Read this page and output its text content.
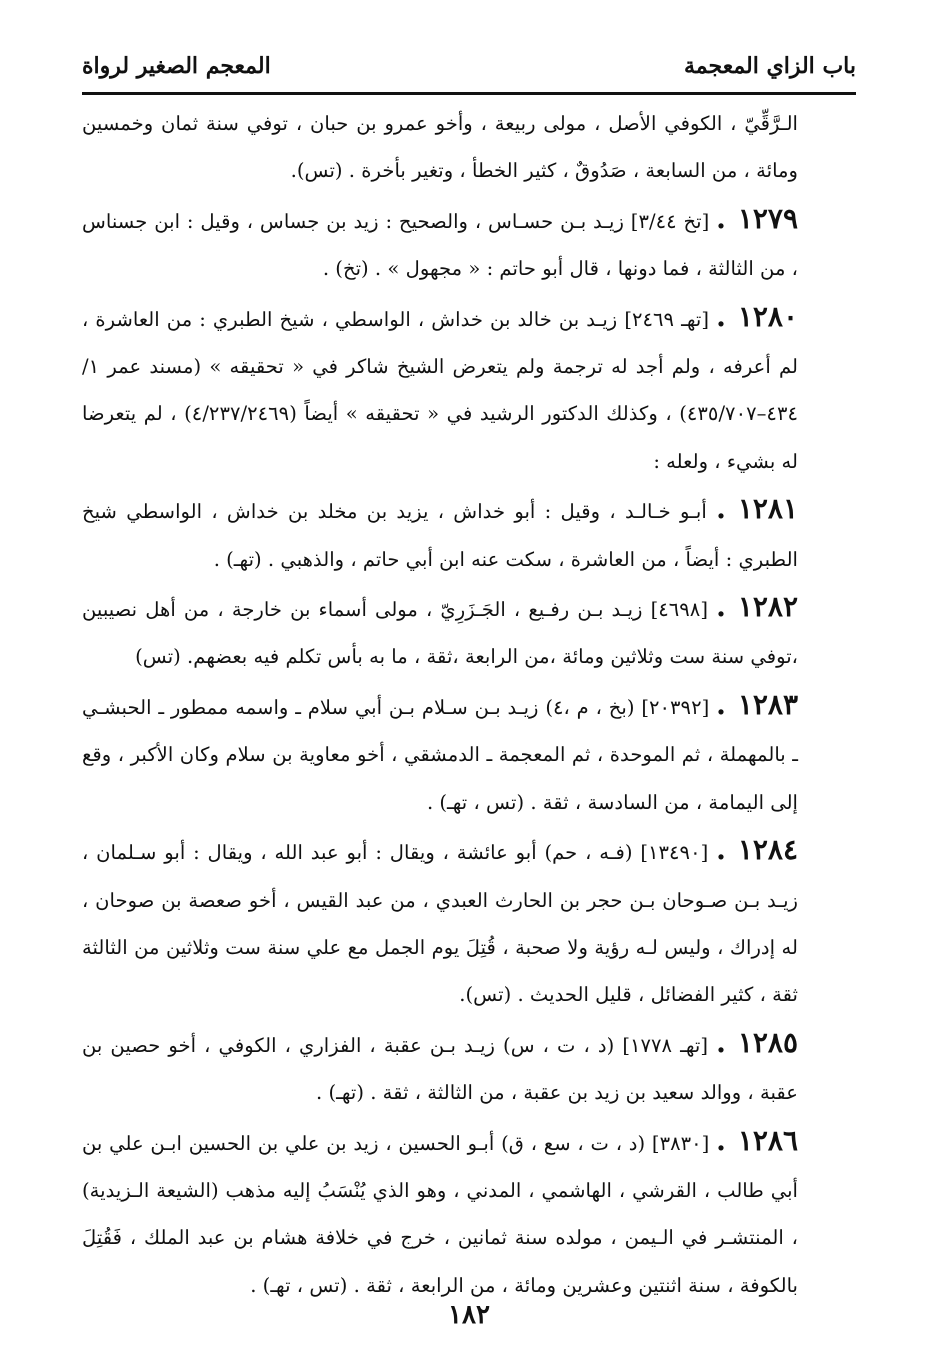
باب الزاي المعجمة
المعجم الصغير لرواة

الـرَّقِّيّ ، الكوفي الأصل ، مولى ربيعة ، وأخو عمرو بن حبان ، توفي سنة ثمان وخمسين ومائة ، من السابعة ، صَدُوقٌ ، كثير الخطأ ، وتغير بأخرة . (تس).

١٢٧٩. [تخ ٣/٤٤] زيـد بـن حسـاس ، والصحيح : زيد بن جساس ، وقيل : ابن جسناس ، من الثالثة ، فما دونها ، قال أبو حاتم : « مجهول » . (تخ) .

١٢٨٠. [تهـ ٢٤٦٩] زيـد بن خالد بن خداش ، الواسطي ، شيخ الطبري : من العاشرة ، لم أعرفه ، ولم أجد له ترجمة ولم يتعرض الشيخ شاكر في « تحقيقه » (مسند عمر ١/ ٤٣٤–٤٣٥/٧٠٧) ، وكذلك الدكتور الرشيد في « تحقيقه » أيضاً (٤/٢٣٧/٢٤٦٩) ، لم يتعرضا له بشيء ، ولعله :

١٢٨١. أبـو خـالـد ، وقيل : أبو خداش ، يزيد بن مخلد بن خداش ، الواسطي شيخ الطبري : أيضاً ، من العاشرة ، سكت عنه ابن أبي حاتم ، والذهبي . (تهـ) .

١٢٨٢. [٤٦٩٨] زيـد بـن رفـيع ، الجَـزَرِيّ ، مولى أسماء بن خارجة ، من أهل نصيبين ،توفي سنة ست وثلاثين ومائة ،من الرابعة ،ثقة ، ما به بأس تكلم فيه بعضهم. (تس)

١٢٨٣. [٢٠٣٩٢] (بخ ، م ،٤) زيـد بـن سـلام بـن أبي سلام ـ واسمه ممطور ـ الحبشـي ـ بالمهملة ، ثم الموحدة ، ثم المعجمة ـ الدمشقي ، أخو معاوية بن سلام وكان الأكبر ، وقع إلى اليمامة ، من السادسة ، ثقة . (تس ، تهـ) .

١٢٨٤. [١٣٤٩٠] (فـه ، حم) أبو عائشة ، ويقال : أبو عبد الله ، ويقال : أبو سـلمان ، زيـد بـن صـوحان بـن حجر بن الحارث العبدي ، من عبد القيس ، أخو صعصة بن صوحان ، له إدراك ، وليس لـه رؤية ولا صحبة ، قُتِلَ يوم الجمل مع علي سنة ست وثلاثين من الثالثة ثقة ، كثير الفضائل ، قليل الحديث . (تس).

١٢٨٥. [تهـ ١٧٧٨] (د ، ت ، س) زيـد بـن عقبة ، الفزاري ، الكوفي ، أخو حصين بن عقبة ، ووالد سعيد بن زيد بن عقبة ، من الثالثة ، ثقة . (تهـ) .

١٢٨٦. [٣٨٣٠] (د ، ت ، سع ، ق) أبـو الحسين ، زيد بن علي بن الحسين ابـن علي بن أبي طالب ، القرشي ، الهاشمي ، المدني ، وهو الذي يُنْسَبُ إليه مذهب (الشيعة الـزيدية) ، المنتشـر في الـيمن ، مولده سنة ثمانين ، خرج في خلافة هشام بن عبد الملك ، فَقُتِلَ بالكوفة ، سنة اثنتين وعشرين ومائة ، من الرابعة ، ثقة . (تس ، تهـ) .

١٨٢
